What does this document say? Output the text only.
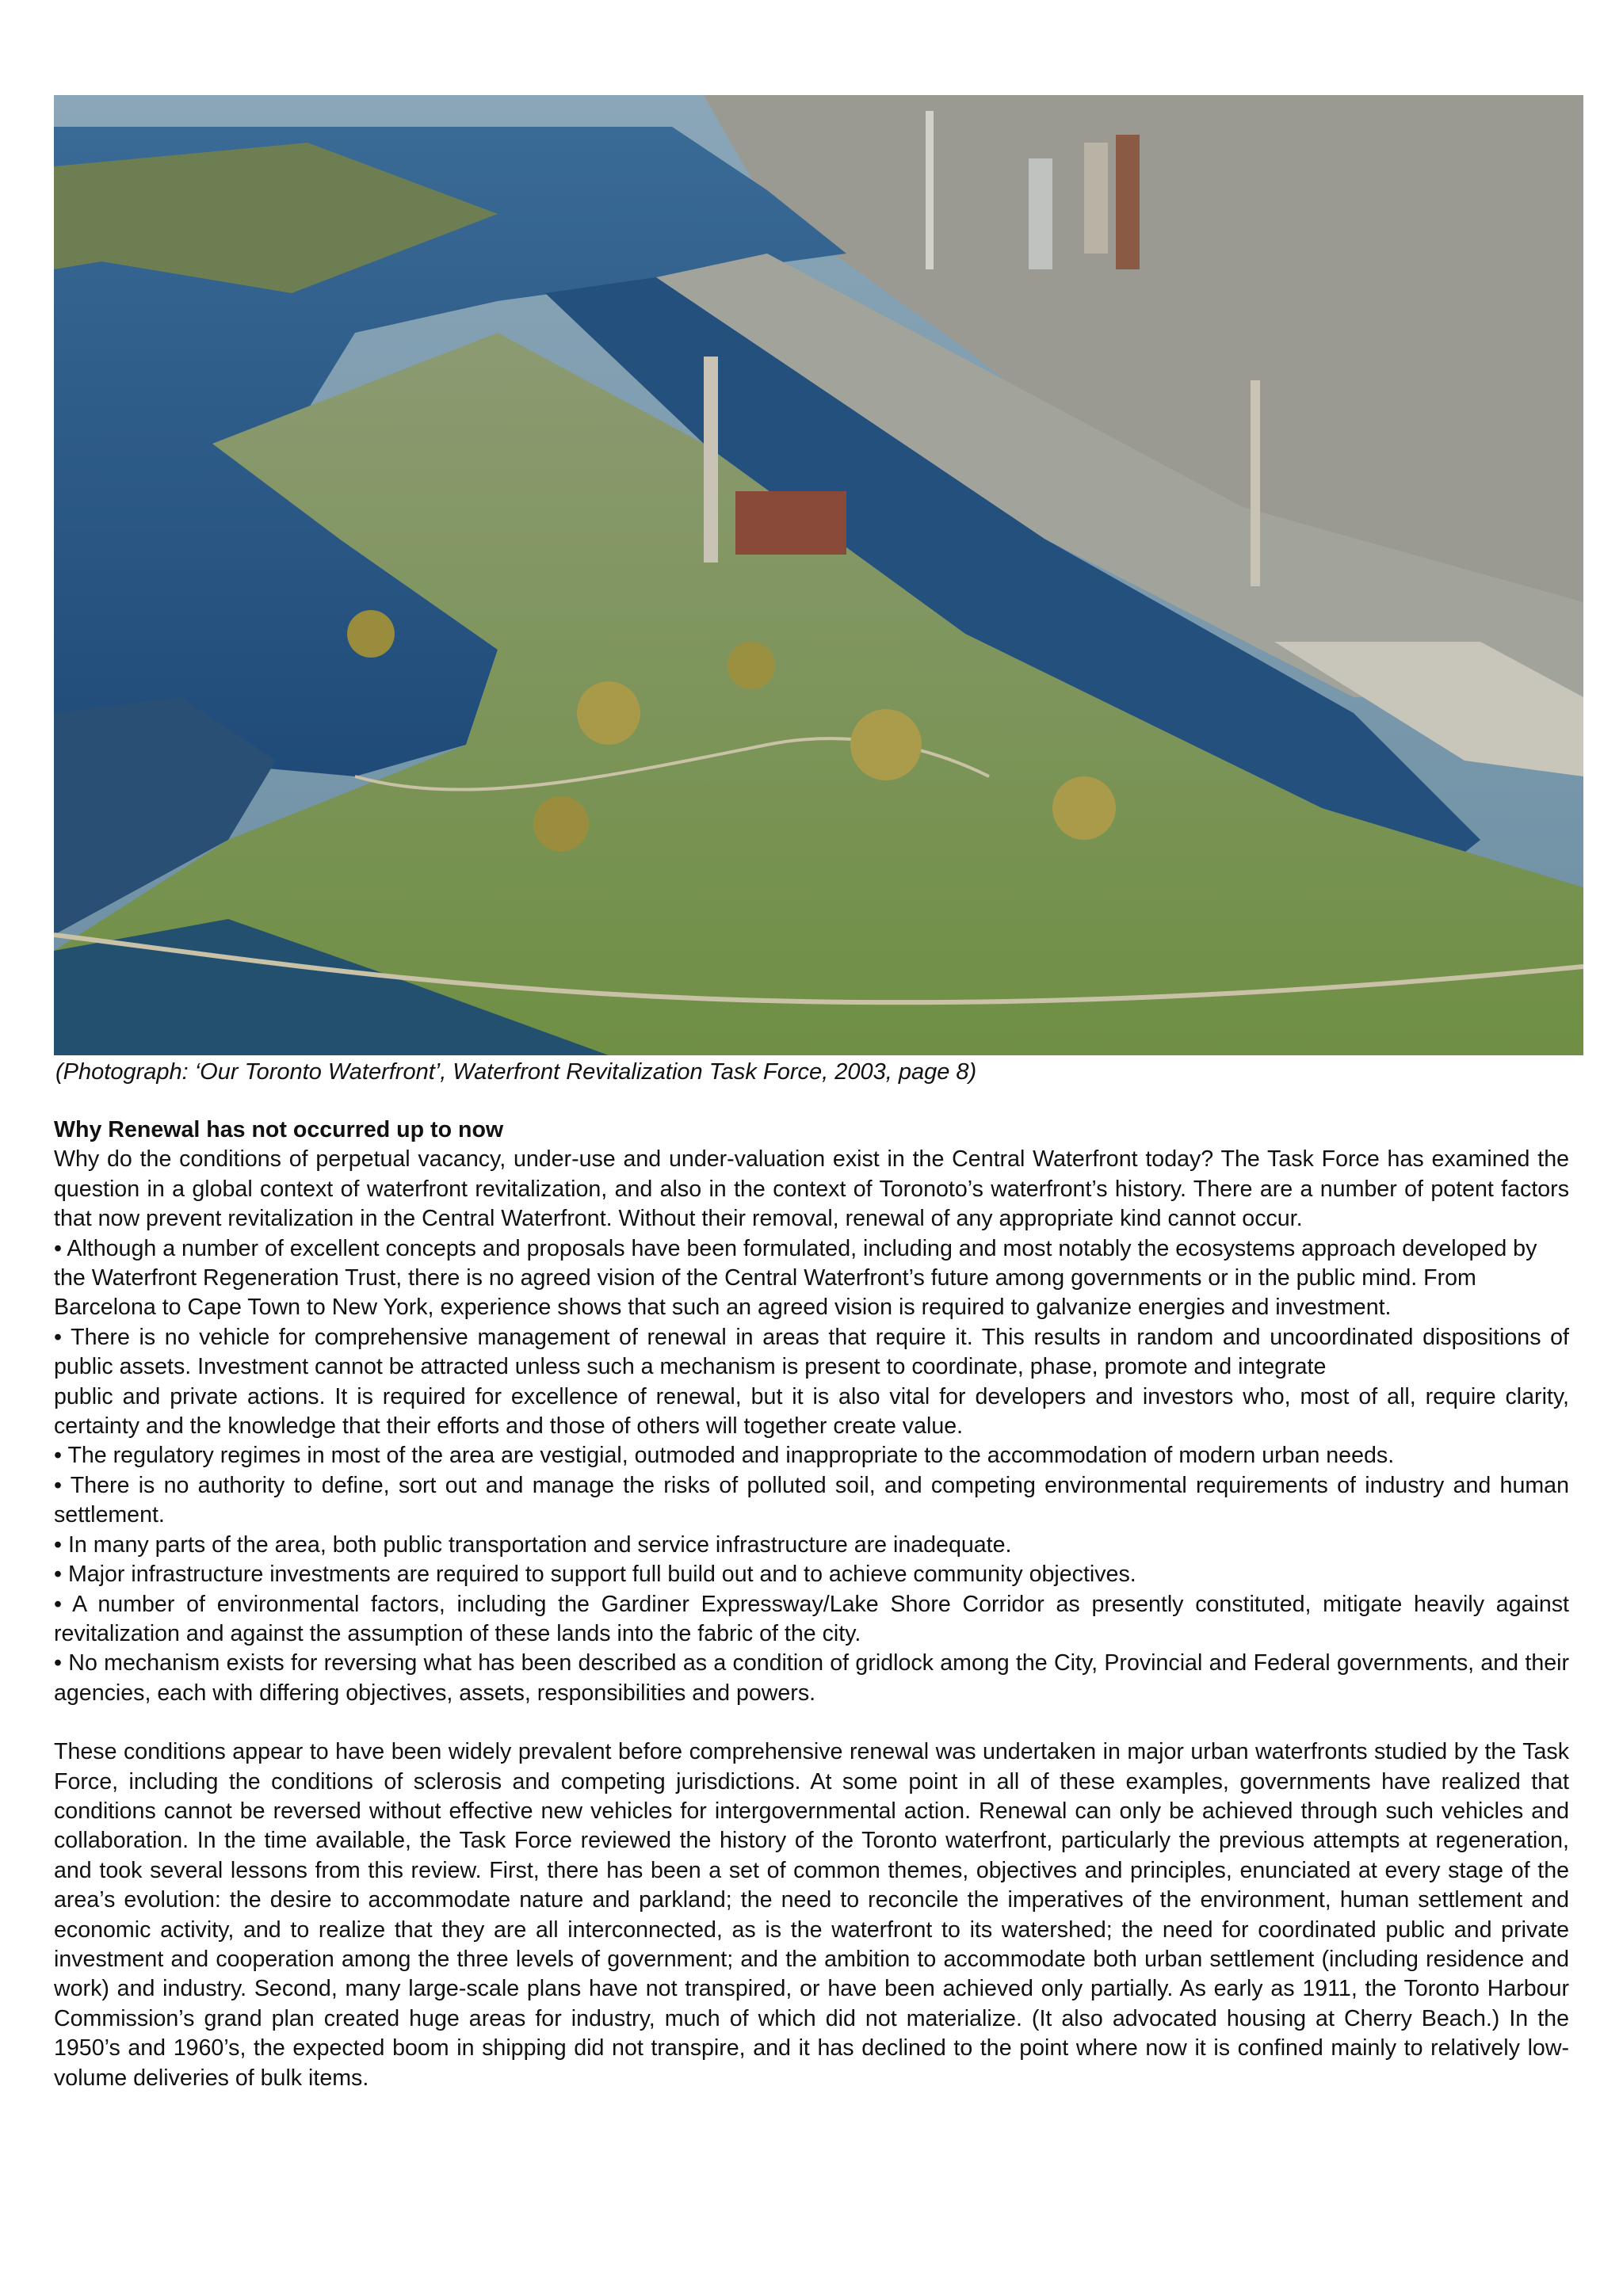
(Photograph: ‘Our Toronto Waterfront’, Waterfront Revitalization Task Force, 2003, page 8)

Why Renewal has not occurred up to now

Why do the conditions of perpetual vacancy, under-use and under-valuation exist in the Central Waterfront today? The Task Force has examined the question in a global context of waterfront revitalization, and also in the context of Toronoto’s waterfront’s history. There are a number of potent factors that now prevent revitalization in the Central Waterfront. Without their removal, renewal of any appropriate kind cannot occur.

• Although a number of excellent concepts and proposals have been formulated, including and most notably the ecosystems approach developed by the Waterfront Regeneration Trust, there is no agreed vision of the Central Waterfront’s future among governments or in the public mind. From Barcelona to Cape Town to New York, experience shows that such an agreed vision is required to galvanize energies and investment.

• There is no vehicle for comprehensive management of renewal in areas that require it. This results in random and uncoordinated dispositions of public assets. Investment cannot be attracted unless such a mechanism is present to coordinate, phase, promote and integrate

public and private actions. It is required for excellence of renewal, but it is also vital for developers and investors who, most of all, require clarity, certainty and the knowledge that their efforts and those of others will together create value.

• The regulatory regimes in most of the area are vestigial, outmoded and inappropriate to the accommodation of modern urban needs.

• There is no authority to define, sort out and manage the risks of polluted soil, and competing environmental requirements of industry and human settlement.

• In many parts of the area, both public transportation and service infrastructure are inadequate.

• Major infrastructure investments are required to support full build out and to achieve community objectives.

• A number of environmental factors, including the Gardiner Expressway/Lake Shore Corridor as presently constituted, mitigate heavily against revitalization and against the assumption of these lands into the fabric of the city.

• No mechanism exists for reversing what has been described as a condition of gridlock among the City, Provincial and Federal governments, and their agencies, each with differing objectives, assets, responsibilities and powers.

These conditions appear to have been widely prevalent before comprehensive renewal was undertaken in major urban waterfronts studied by the Task Force, including the conditions of sclerosis and competing jurisdictions. At some point in all of these examples, governments have realized that conditions cannot be reversed without effective new vehicles for intergovernmental action. Renewal can only be achieved through such vehicles and collaboration. In the time available, the Task Force reviewed the history of the Toronto waterfront, particularly the previous attempts at regeneration, and took several lessons from this review. First, there has been a set of common themes, objectives and principles, enunciated at every stage of the area’s evolution: the desire to accommodate nature and parkland; the need to reconcile the imperatives of the environment, human settlement and economic activity, and to realize that they are all interconnected, as is the waterfront to its watershed; the need for coordinated public and private investment and cooperation among the three levels of government; and the ambition to accommodate both urban settlement (including residence and work) and industry. Second, many large-scale plans have not transpired, or have been achieved only partially. As early as 1911, the Toronto Harbour Commission’s grand plan created huge areas for industry, much of which did not materialize. (It also advocated housing at Cherry Beach.) In the 1950’s and 1960’s, the expected boom in shipping did not transpire, and it has declined to the point where now it is confined mainly to relatively low-volume deliveries of bulk items.
